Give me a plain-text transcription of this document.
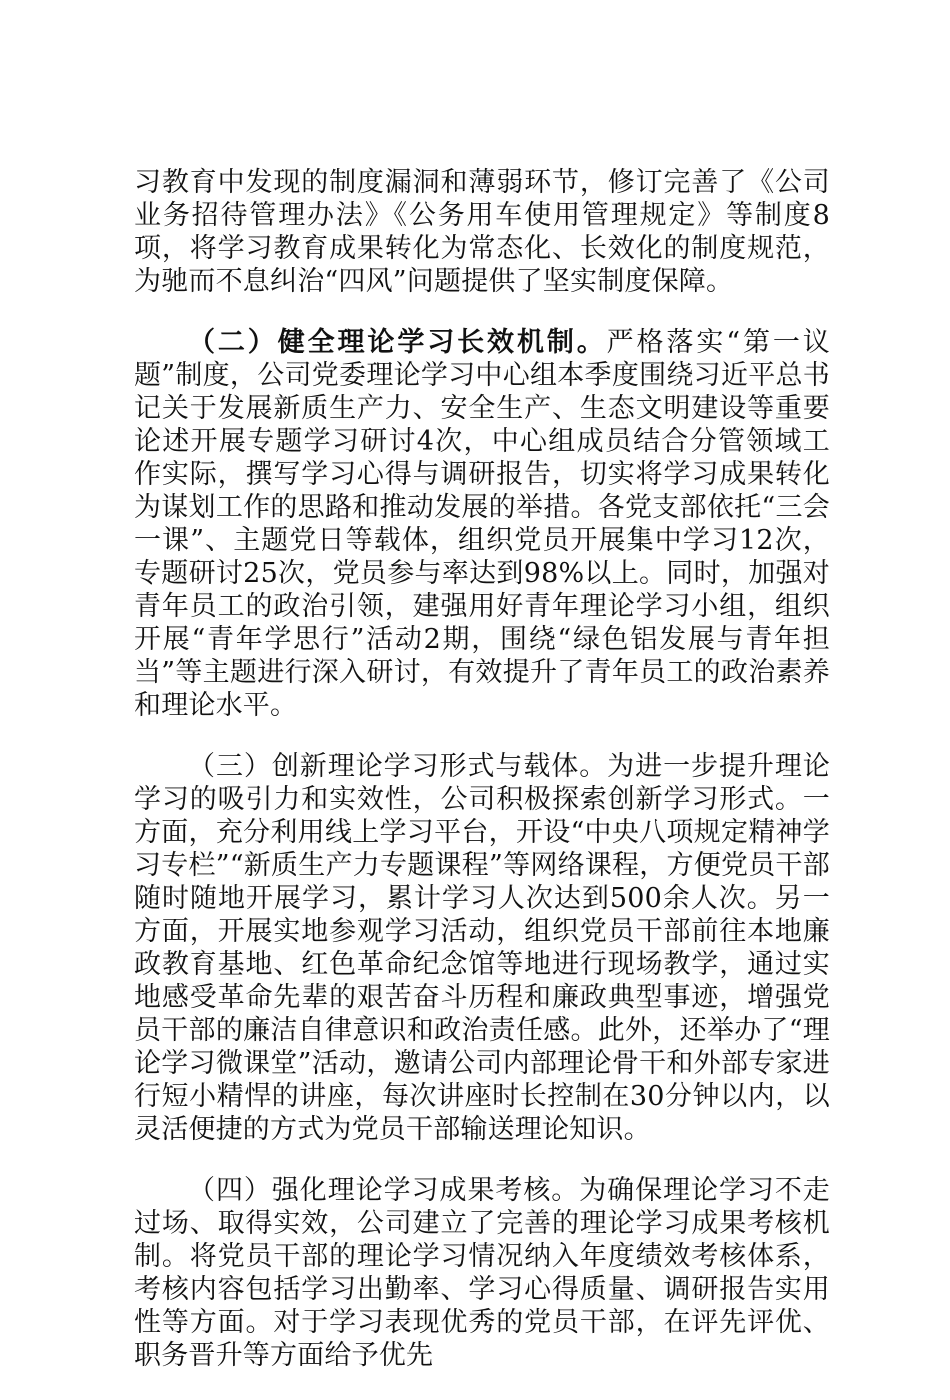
习教育中发现的制度漏洞和薄弱环节，修订完善了《公司业务招待管理办法》《公务用车使用管理规定》等制度8项，将学习教育成果转化为常态化、长效化的制度规范，为驰而不息纠治“四风”问题提供了坚实制度保障。

（二）健全理论学习长效机制。严格落实“第一议题”制度，公司党委理论学习中心组本季度围绕习近平总书记关于发展新质生产力、安全生产、生态文明建设等重要论述开展专题学习研讨4次，中心组成员结合分管领域工作实际，撰写学习心得与调研报告，切实将学习成果转化为谋划工作的思路和推动发展的举措。各党支部依托“三会一课”、主题党日等载体，组织党员开展集中学习12次，专题研讨25次，党员参与率达到98%以上。同时，加强对青年员工的政治引领，建强用好青年理论学习小组，组织开展“青年学思行”活动2期，围绕“绿色铝发展与青年担当”等主题进行深入研讨，有效提升了青年员工的政治素养和理论水平。

（三）创新理论学习形式与载体。为进一步提升理论学习的吸引力和实效性，公司积极探索创新学习形式。一方面，充分利用线上学习平台，开设“中央八项规定精神学习专栏”“新质生产力专题课程”等网络课程，方便党员干部随时随地开展学习，累计学习人次达到500余人次。另一方面，开展实地参观学习活动，组织党员干部前往本地廉政教育基地、红色革命纪念馆等地进行现场教学，通过实地感受革命先辈的艰苦奋斗历程和廉政典型事迹，增强党员干部的廉洁自律意识和政治责任感。此外，还举办了“理论学习微课堂”活动，邀请公司内部理论骨干和外部专家进行短小精悍的讲座，每次讲座时长控制在30分钟以内，以灵活便捷的方式为党员干部输送理论知识。

（四）强化理论学习成果考核。为确保理论学习不走过场、取得实效，公司建立了完善的理论学习成果考核机制。将党员干部的理论学习情况纳入年度绩效考核体系，考核内容包括学习出勤率、学习心得质量、调研报告实用性等方面。对于学习表现优秀的党员干部，在评先评优、职务晋升等方面给予优先
